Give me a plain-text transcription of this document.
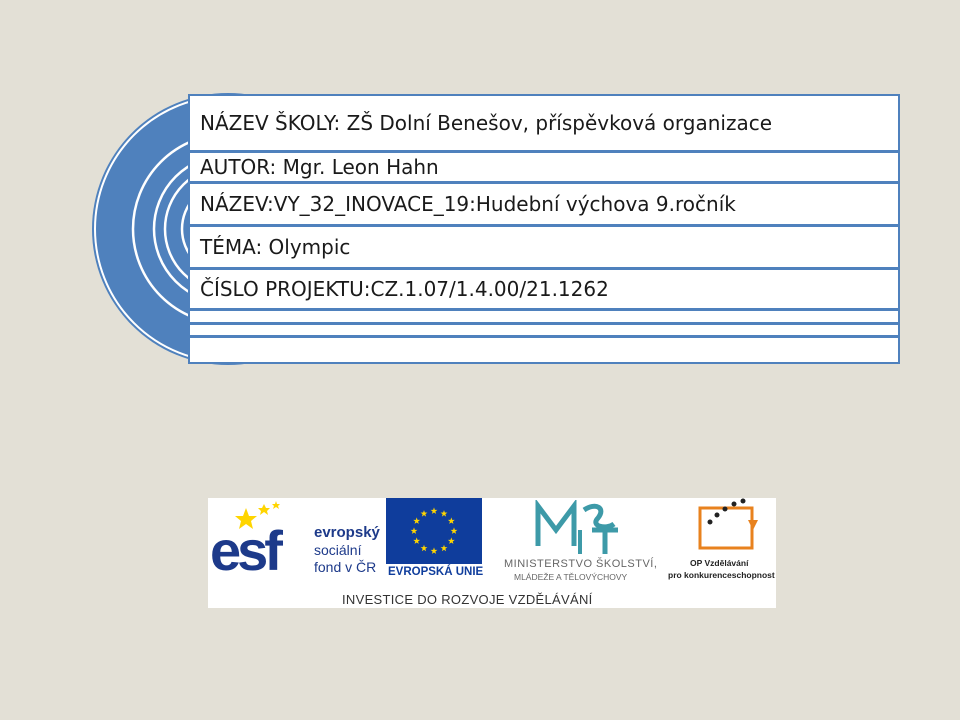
NÁZEV ŠKOLY: ZŠ Dolní Benešov, příspěvková organizace
AUTOR: Mgr. Leon Hahn
NÁZEV:VY_32_INOVACE_19:Hudební výchova 9.ročník
TÉMA: Olympic
ČÍSLO PROJEKTU:CZ.1.07/1.4.00/21.1262
esf evropský
sociální
fond v ČR EVROPSKÁ UNIE
MINISTERSTVO ŠKOLSTVÍ,
MLÁDEŽE A TĚLOVÝCHOVY
OP Vzdělávání
pro konkurenceschopnost
INVESTICE DO ROZVOJE VZDĚLÁVÁNÍ
